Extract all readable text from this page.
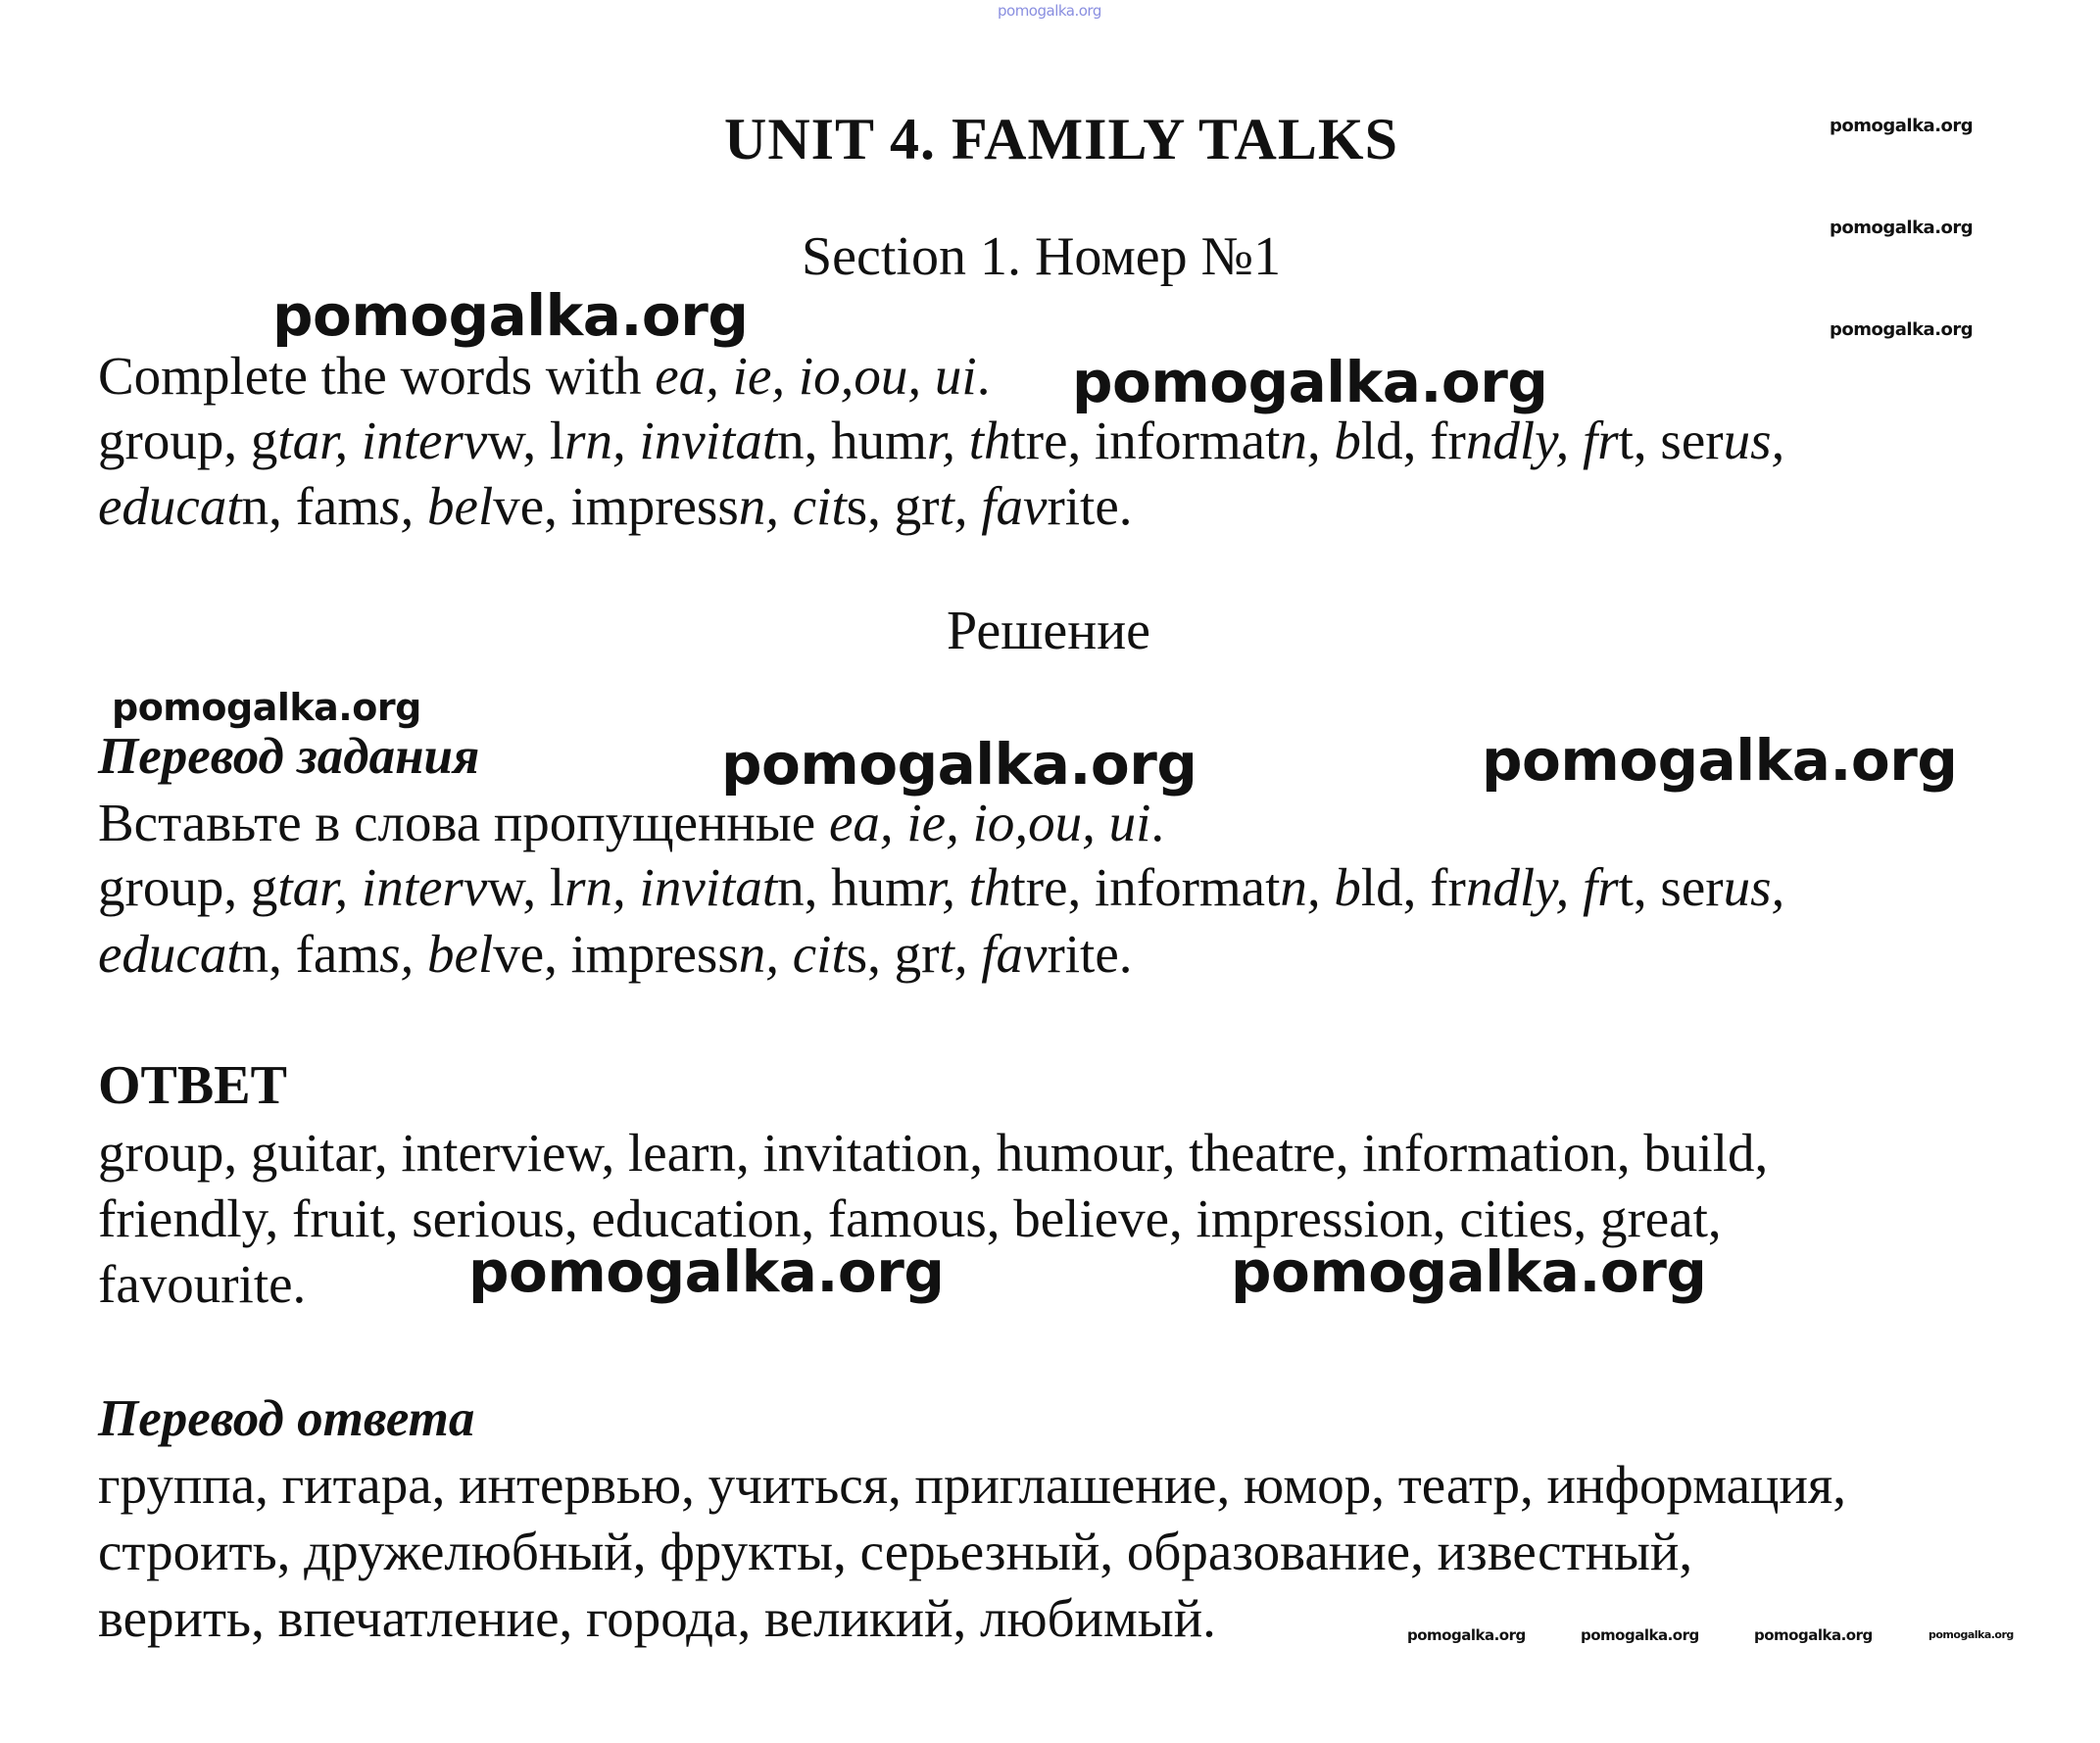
pomogalka.org
pomogalka.org
pomogalka.org
pomogalka.org
UNIT 4. FAMILY TALKS
Section 1. Номер №1
pomogalka.org
Complete the words with ea, ie, io,ou, ui. pomogalka.org
group, gtar, intervw, lrn, invitatn, humr, thtre, informatn, bld, frndly, frt, serus,
educatn, fams, belve, impressn, cits, grt, favrite.
Решение
pomogalka.org
Перевод задания	pomogalka.org	pomogalka.org
Вставьте в слова пропущенные ea, ie, io,ou, ui.
group, gtar, intervw, lrn, invitatn, humr, thtre, informatn, bld, frndly, frt, serus,
educatn, fams, belve, impressn, cits, grt, favrite.
ОТВЕТ
group, guitar, interview, learn, invitation, humour, theatre, information, build,
friendly, fruit, serious, education, famous, believe, impression, cities, great,
favourite.	pomogalka.org	pomogalka.org
Перевод ответа
группа, гитара, интервью, учиться, приглашение, юмор, театр, информация,
строить, дружелюбный, фрукты, серьезный, образование, известный,
верить, впечатление, города, великий, любимый.	pomogalka.org	pomogalka.org	pomogalka.org	pomogalka.org
